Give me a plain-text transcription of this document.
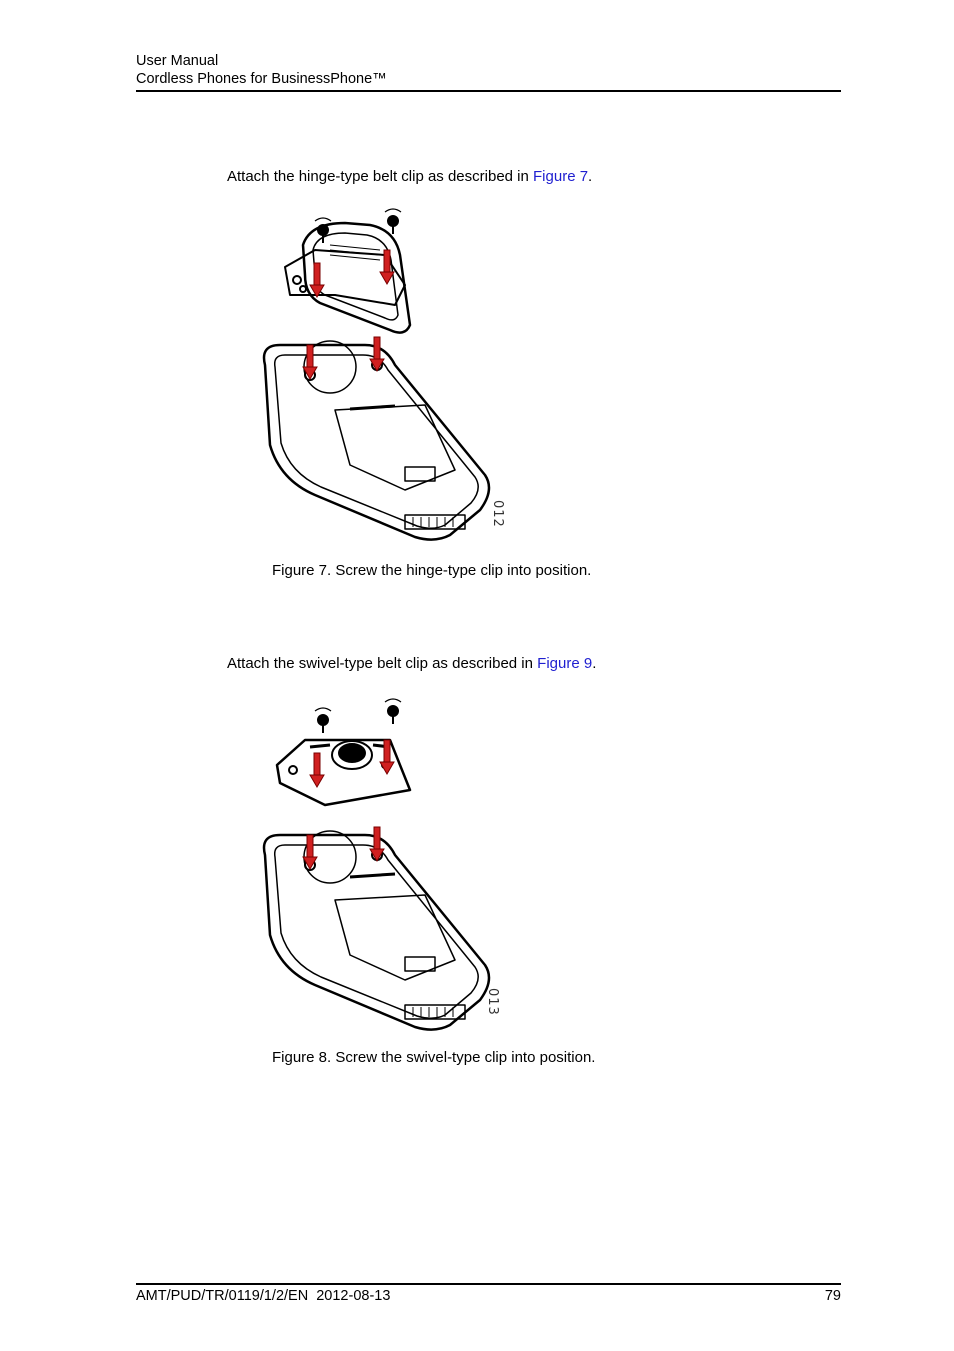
User Manual
Cordless Phones for BusinessPhone™
Attach the hinge-type belt clip as described in Figure 7.
012
Figure 7. Screw the hinge-type clip into position.
Attach the swivel-type belt clip as described in Figure 9.
013
Figure 8. Screw the swivel-type clip into position.
AMT/PUD/TR/0119/1/2/EN  2012-08-13	79
